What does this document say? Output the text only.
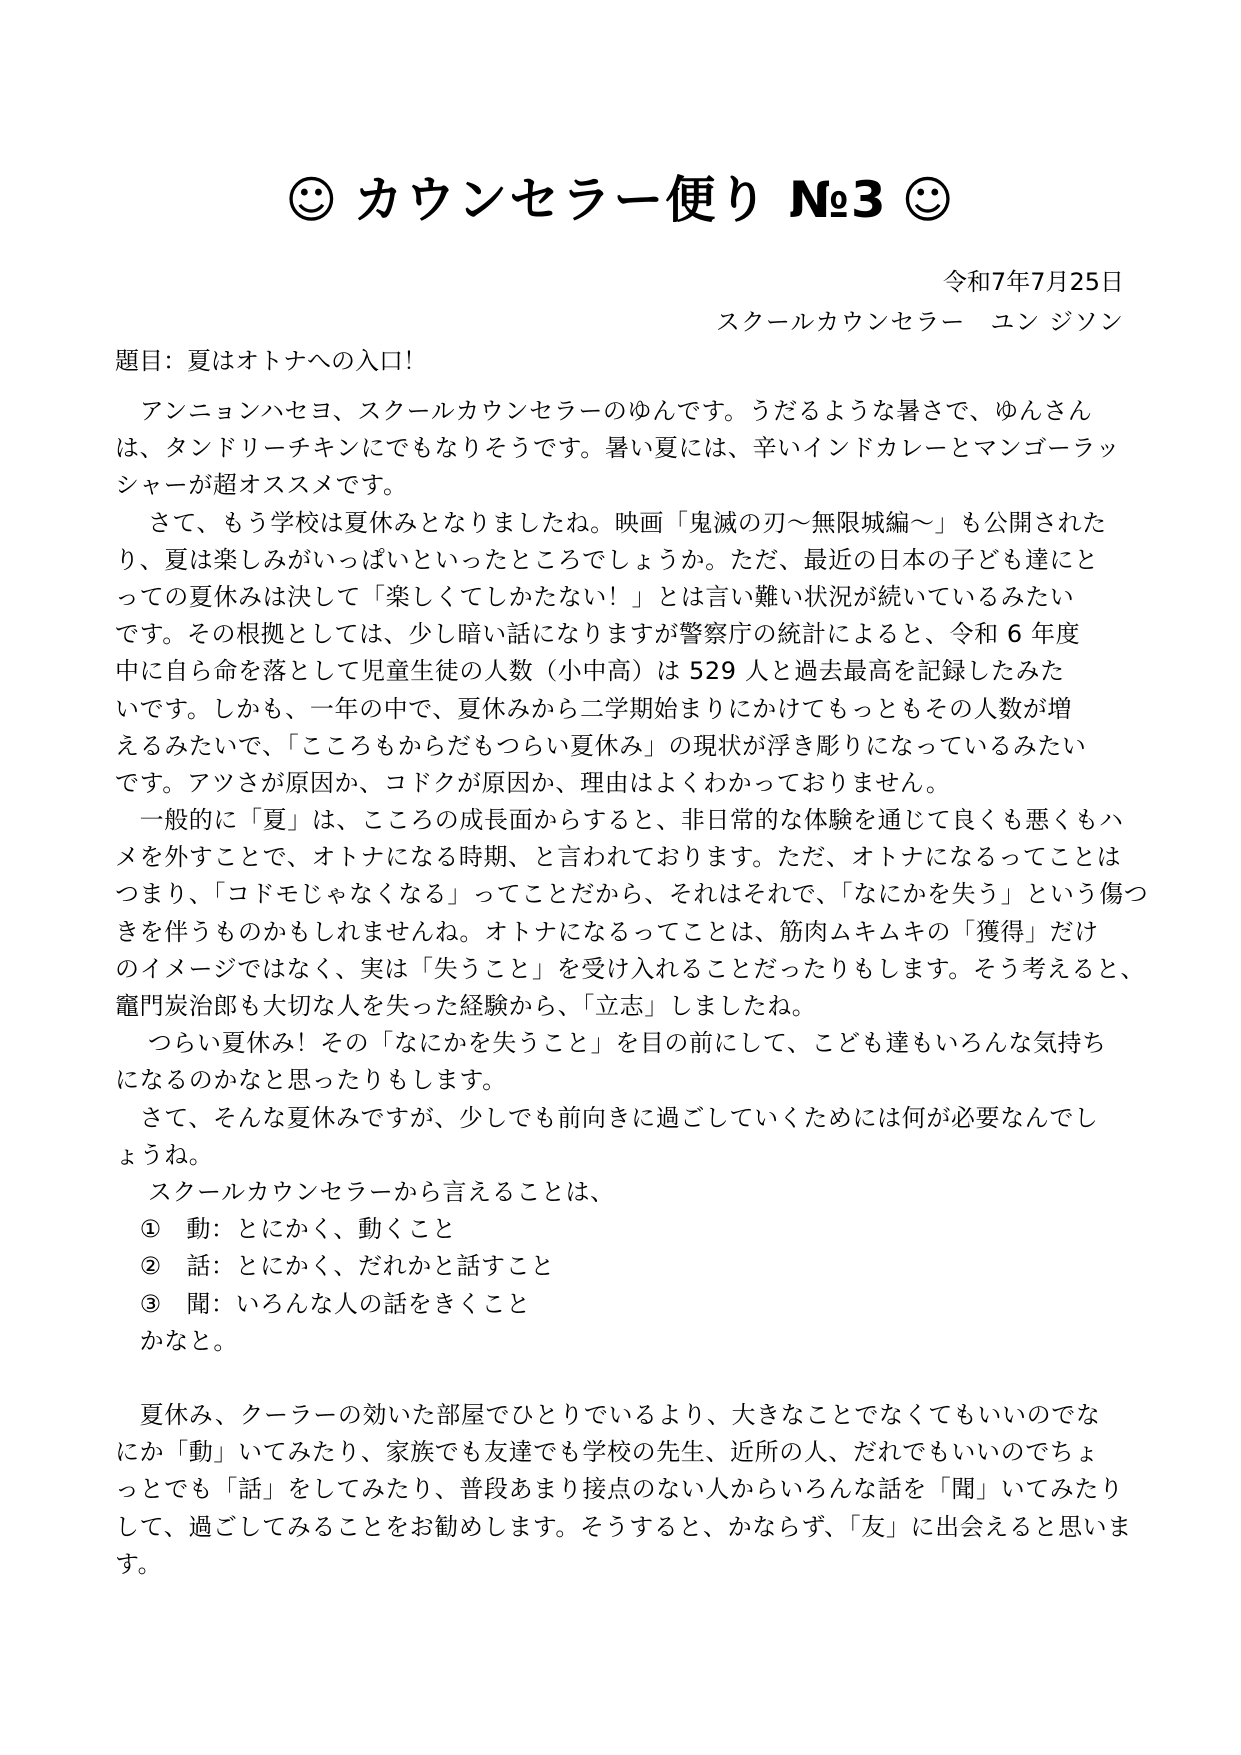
☺ カウンセラー便り №3 ☺
令和7年7月25日
スクールカウンセラー　ユン ジソン
題目：夏はオトナへの入口！
　アンニョンハセヨ、スクールカウンセラーのゆんです。うだるような暑さで、ゆんさん
は、タンドリーチキンにでもなりそうです。暑い夏には、辛いインドカレーとマンゴーラッ
シャーが超オススメです。
　 さて、もう学校は夏休みとなりましたね。映画「鬼滅の刃～無限城編～」も公開された
り、夏は楽しみがいっぱいといったところでしょうか。ただ、最近の日本の子ども達にと
っての夏休みは決して「楽しくてしかたない！」とは言い難い状況が続いているみたい
です。その根拠としては、少し暗い話になりますが警察庁の統計によると、令和 6 年度
中に自ら命を落として児童生徒の人数（小中高）は 529 人と過去最高を記録したみた
いです。しかも、一年の中で、夏休みから二学期始まりにかけてもっともその人数が増
えるみたいで、「こころもからだもつらい夏休み」の現状が浮き彫りになっているみたい
です。アツさが原因か、コドクが原因か、理由はよくわかっておりません。
　一般的に「夏」は、こころの成長面からすると、非日常的な体験を通じて良くも悪くもハ
メを外すことで、オトナになる時期、と言われております。ただ、オトナになるってことは
つまり、「コドモじゃなくなる」ってことだから、それはそれで、「なにかを失う」という傷つ
きを伴うものかもしれませんね。オトナになるってことは、筋肉ムキムキの「獲得」だけ
のイメージではなく、実は「失うこと」を受け入れることだったりもします。そう考えると、
竈門炭治郎も大切な人を失った経験から、「立志」しましたね。
　 つらい夏休み！その「なにかを失うこと」を目の前にして、こども達もいろんな気持ち
になるのかなと思ったりもします。
　さて、そんな夏休みですが、少しでも前向きに過ごしていくためには何が必要なんでし
ょうね。
　 スクールカウンセラーから言えることは、
　①　動：とにかく、動くこと
　②　話：とにかく、だれかと話すこと
　③　聞：いろんな人の話をきくこと
　かなと。
　夏休み、クーラーの効いた部屋でひとりでいるより、大きなことでなくてもいいのでな
にか「動」いてみたり、家族でも友達でも学校の先生、近所の人、だれでもいいのでちょ
っとでも「話」をしてみたり、普段あまり接点のない人からいろんな話を「聞」いてみたり
して、過ごしてみることをお勧めします。そうすると、かならず、「友」に出会えると思いま
す。
